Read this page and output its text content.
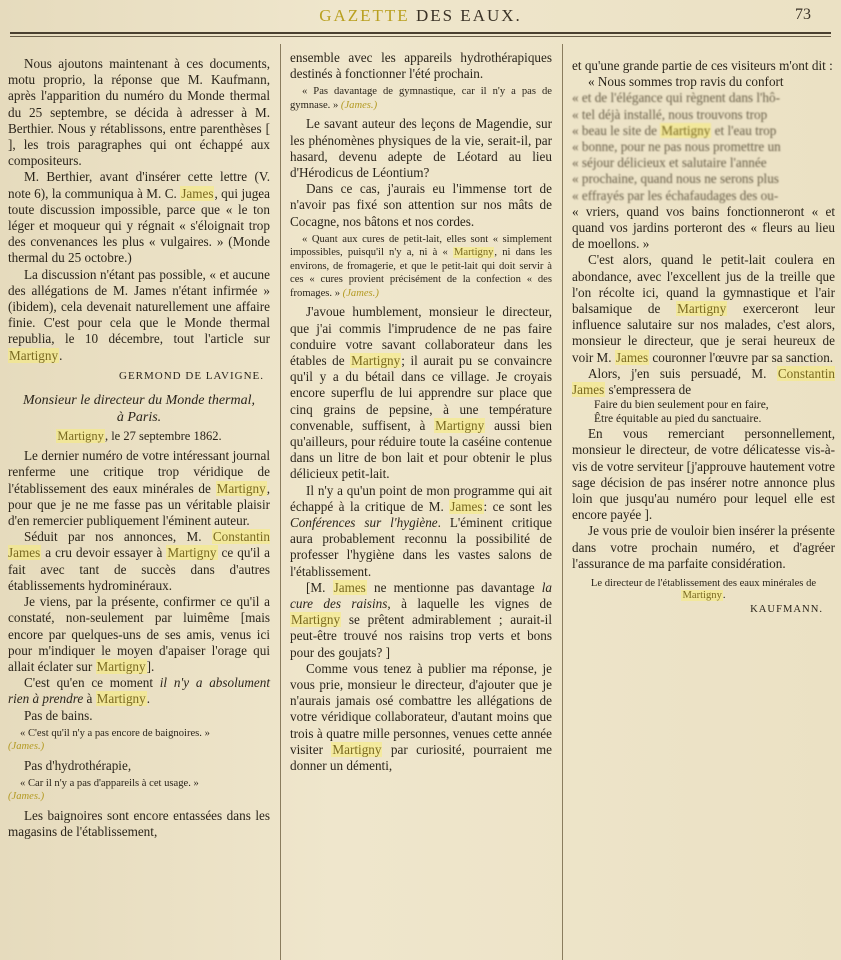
GAZETTE DES EAUX.	73

Nous ajoutons maintenant à ces documents, motu proprio, la réponse que M. Kaufmann, après l'apparition du numéro du Monde thermal du 25 septembre, se décida à adresser à M. Berthier. Nous y rétablissons, entre parenthèses [ ], les trois paragraphes qui ont échappé aux compositeurs.

M. Berthier, avant d'insérer cette lettre (V. note 6), la communiqua à M. C. James, qui jugea toute discussion impossible, parce que « le ton léger et moqueur qui y régnait « s'éloignait trop des convenances les plus « vulgaires. » (Monde thermal du 25 octobre.)

La discussion n'étant pas possible, « et aucune des allégations de M. James n'étant infirmée » (ibidem), cela devenait naturellement une affaire finie. C'est pour cela que le Monde thermal republia, le 10 décembre, tout l'article sur Martigny.

GERMOND DE LAVIGNE.

Monsieur le directeur du Monde thermal,
à Paris.

Martigny, le 27 septembre 1862.

Le dernier numéro de votre intéressant journal renferme une critique trop véridique de l'établissement des eaux minérales de Martigny, pour que je ne me fasse pas un véritable plaisir d'en remercier publiquement l'éminent auteur.

Séduit par nos annonces, M. Constantin James a cru devoir essayer à Martigny ce qu'il a fait avec tant de succès dans d'autres établissements hydrominéraux.

Je viens, par la présente, confirmer ce qu'il a constaté, non-seulement par luimême [mais encore par quelques-uns de ses amis, venus ici pour m'indiquer le moyen d'apaiser l'orage qui allait éclater sur Martigny].

C'est qu'en ce moment il n'y a absolument rien à prendre à Martigny.

Pas de bains.

« C'est qu'il n'y a pas encore de baignoires. »
(James.)

Pas d'hydrothérapie,

« Car il n'y a pas d'appareils à cet usage. »
(James.)

Les baignoires sont encore entassées dans les magasins de l'établissement,

ensemble avec les appareils hydrothérapiques destinés à fonctionner l'été prochain.

« Pas davantage de gymnastique, car il n'y a pas de gymnase. » (James.)

Le savant auteur des leçons de Magendie, sur les phénomènes physiques de la vie, serait-il, par hasard, devenu adepte de Léotard au lieu d'Hérodicus de Léontium?

Dans ce cas, j'aurais eu l'immense tort de n'avoir pas fixé son attention sur nos mâts de Cocagne, nos bâtons et nos cordes.

« Quant aux cures de petit-lait, elles sont « simplement impossibles, puisqu'il n'y a, ni à « Martigny, ni dans les environs, de fromagerie, et que le petit-lait qui doit servir à ces « cures provient précisément de la confection « des fromages. » (James.)

J'avoue humblement, monsieur le directeur, que j'ai commis l'imprudence de ne pas faire conduire votre savant collaborateur dans les étables de Martigny; il aurait pu se convaincre qu'il y a du bétail dans ce village. Je croyais encore superflu de lui apprendre sur place que cinq grains de pepsine, à une température convenable, suffisent, à Martigny aussi bien qu'ailleurs, pour réduire toute la caséine contenue dans un litre de bon lait et pour obtenir le plus délicieux petit-lait.

Il n'y a qu'un point de mon programme qui ait échappé à la critique de M. James: ce sont les Conférences sur l'hygiène. L'éminent critique aura probablement reconnu la possibilité de professer l'hygiène dans les vastes salons de l'établissement.

[M. James ne mentionne pas davantage la cure des raisins, à laquelle les vignes de Martigny se prêtent admirablement ; aurait-il peut-être trouvé nos raisins trop verts et bons pour des goujats? ]

Comme vous tenez à publier ma réponse, je vous prie, monsieur le directeur, d'ajouter que je n'aurais jamais osé combattre les allégations de votre véridique collaborateur, d'autant moins que trois à quatre mille personnes, venues cette année visiter Martigny par curiosité, pourraient me donner un démenti,

et qu'une grande partie de ces visiteurs m'ont dit :

« Nous sommes trop ravis du confort

« et de l'élégance qui règnent dans l'hô-

« tel déjà installé, nous trouvons trop

« beau le site de Martigny et l'eau trop

« bonne, pour ne pas nous promettre un

« séjour délicieux et salutaire l'année

« prochaine, quand nous ne serons plus

« effrayés par les échafaudages des ou-

« vriers, quand vos bains fonctionneront « et quand vos jardins porteront des « fleurs au lieu de moellons. »

C'est alors, quand le petit-lait coulera en abondance, avec l'excellent jus de la treille que l'on récolte ici, quand la gymnastique et l'air balsamique de Martigny exerceront leur influence salutaire sur nos malades, c'est alors, monsieur le directeur, que je serai heureux de voir M. James couronner l'œuvre par sa sanction.

Alors, j'en suis persuadé, M. Constantin James s'empressera de

Faire du bien seulement pour en faire,

Être équitable au pied du sanctuaire.

En vous remerciant personnellement, monsieur le directeur, de votre délicatesse vis-à-vis de votre serviteur [j'approuve hautement votre sage décision de pas insérer notre annonce plus loin que jusqu'au numéro pour lequel elle est encore payée ].

Je vous prie de vouloir bien insérer la présente dans votre prochain numéro, et d'agréer l'assurance de ma parfaite considération.

Le directeur de l'établissement des eaux minérales de Martigny.

KAUFMANN.
